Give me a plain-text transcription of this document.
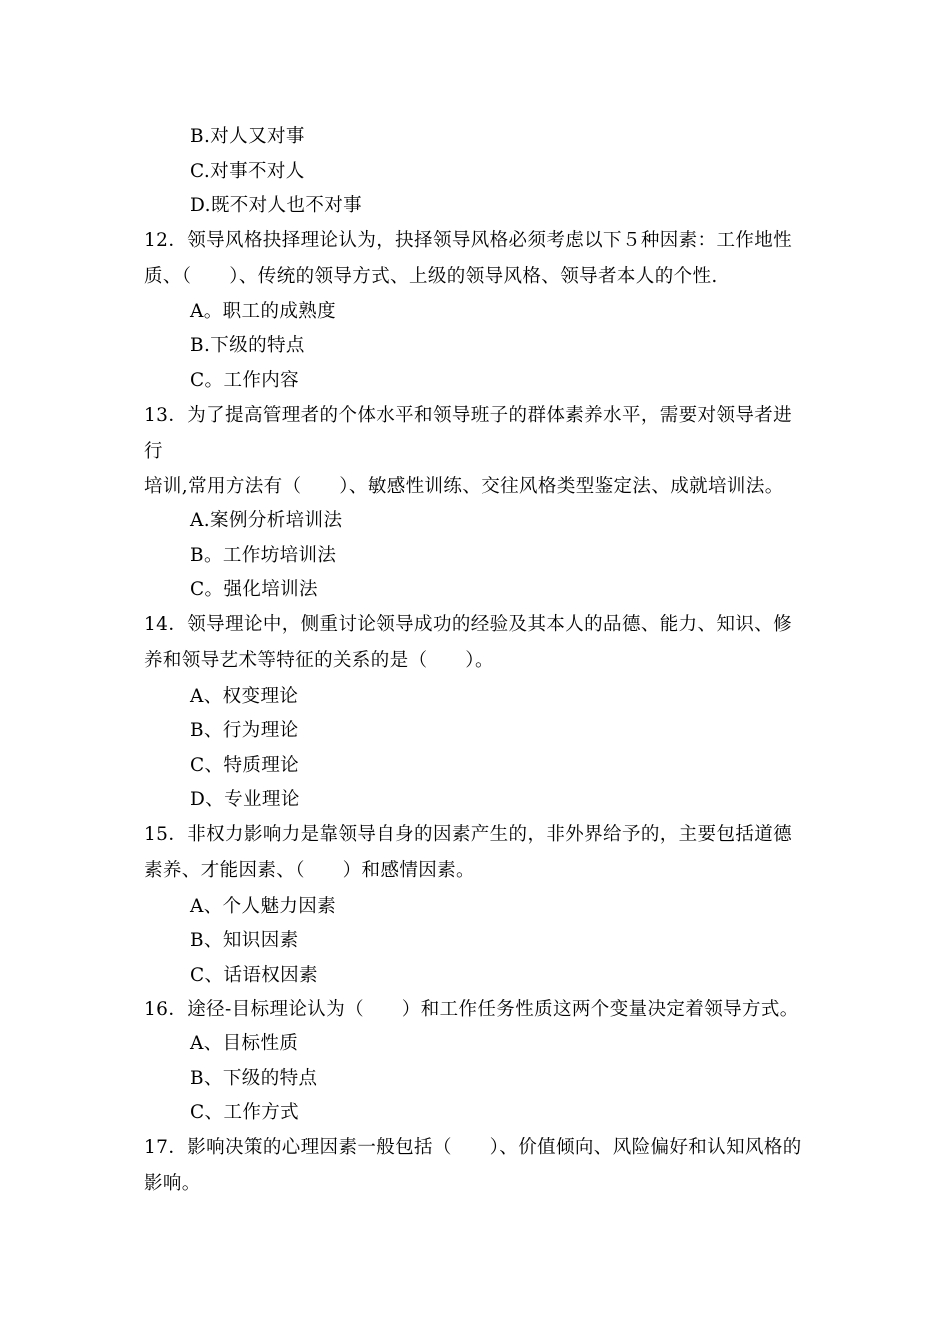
B.对人又对事
C.对事不对人
D.既不对人也不对事
12．领导风格抉择理论认为，抉择领导风格必须考虑以下５种因素：工作地性
质、（　　）、传统的领导方式、上级的领导风格、领导者本人的个性.
A。职工的成熟度
B.下级的特点
C。工作内容
13．为了提高管理者的个体水平和领导班子的群体素养水平，需要对领导者进
行
培训,常用方法有（　　）、敏感性训练、交往风格类型鉴定法、成就培训法。
A.案例分析培训法
B。工作坊培训法
C。强化培训法
14．领导理论中，侧重讨论领导成功的经验及其本人的品德、能力、知识、修
养和领导艺术等特征的关系的是（　　）。
A、权变理论
B、行为理论
C、特质理论
D、专业理论
15．非权力影响力是靠领导自身的因素产生的，非外界给予的，主要包括道德
素养、才能因素、（　　）和感情因素。
A、个人魅力因素
B、知识因素
C、话语权因素
16．途径-目标理论认为（　　）和工作任务性质这两个变量决定着领导方式。
A、目标性质
B、下级的特点
C、工作方式
17．影响决策的心理因素一般包括（　　）、价值倾向、风险偏好和认知风格的
影响。
